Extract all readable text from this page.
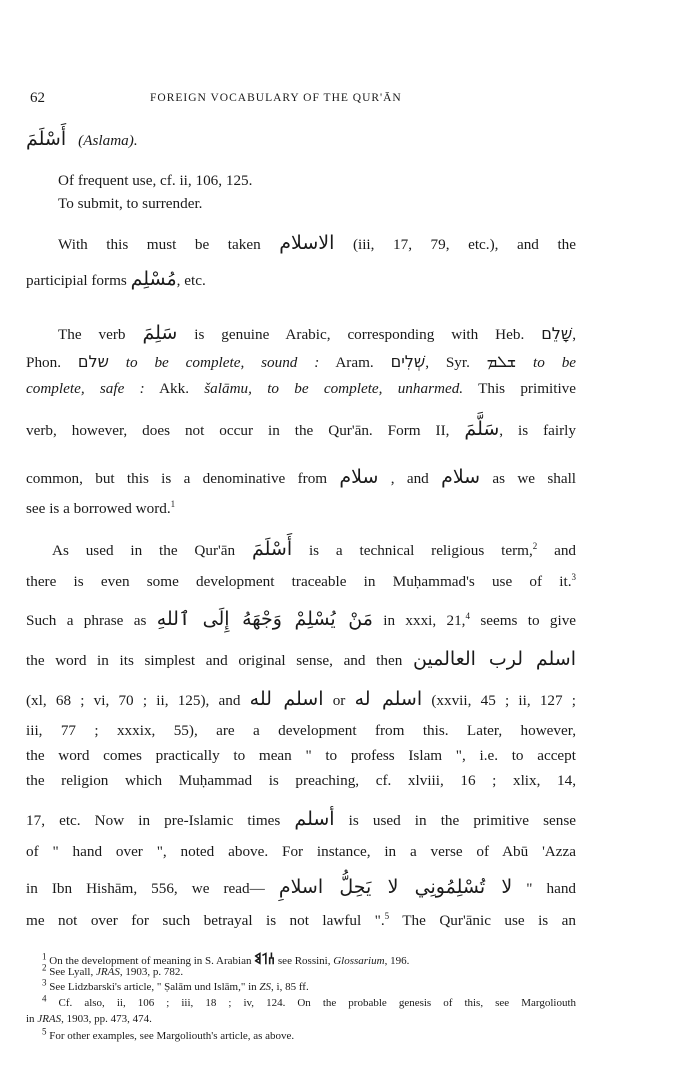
62	FOREIGN VOCABULARY OF THE QUR'ĀN
أَسْلَمَ (Aslama).
Of frequent use, cf. ii, 106, 125.
To submit, to surrender.
With this must be taken الاسلام (iii, 17, 79, etc.), and the
participial forms مُسْلِم, etc.
The verb سَلِمَ is genuine Arabic, corresponding with Heb. שָׁלֵם,
Phon. שלם to be complete, sound : Aram. שְׁלִים, Syr. ܫܠܡ to be
complete, safe : Akk. šalāmu, to be complete, unharmed. This primitive
verb, however, does not occur in the Qur'ān. Form II, سَلَّمَ, is fairly
common, but this is a denominative from سلام , and سلام as we shall
see is a borrowed word.$^1$
As used in the Qur'ān أَسْلَمَ is a technical religious term,$^2$ and
there is even some development traceable in Muḥammad's use of it.$^3$
Such a phrase as مَنْ يُسْلِمْ وَجْهَهُ إِلَى ٱللهِ in xxxi, 21,$^4$ seems to give
the word in its simplest and original sense, and then اسلم لرب العالمين
(xl, 68 ; vi, 70 ; ii, 125), and اسلم لله or اسلم له (xxvii, 45 ; ii, 127 ;
iii, 77 ; xxxix, 55), are a development from this. Later, however,
the word comes practically to mean " to profess Islam ", i.e. to accept
the religion which Muḥammad is preaching, cf. xlviii, 16 ; xlix, 14,
17, etc. Now in pre-Islamic times أسلم is used in the primitive sense
of " hand over ", noted above. For instance, in a verse of Abū 'Azza
in Ibn Hishām, 556, we read— لا تُسْلِمُونِي لا يَحِلُّ اسلامِ " hand
me not over for such betrayal is not lawful ".$^5$ The Qur'ānic use is an
$^1$ On the development of meaning in S. Arabian 𐩪𐩡𐩣 see Rossini, Glossarium, 196.
$^2$ See Lyall, JRAS, 1903, p. 782.
$^3$ See Lidzbarski's article, " Ṣalām und Islām," in ZS, i, 85 ff.
$^4$ Cf. also, ii, 106 ; iii, 18 ; iv, 124. On the probable genesis of this, see Margoliouth
in JRAS, 1903, pp. 473, 474.
$^5$ For other examples, see Margoliouth's article, as above.
